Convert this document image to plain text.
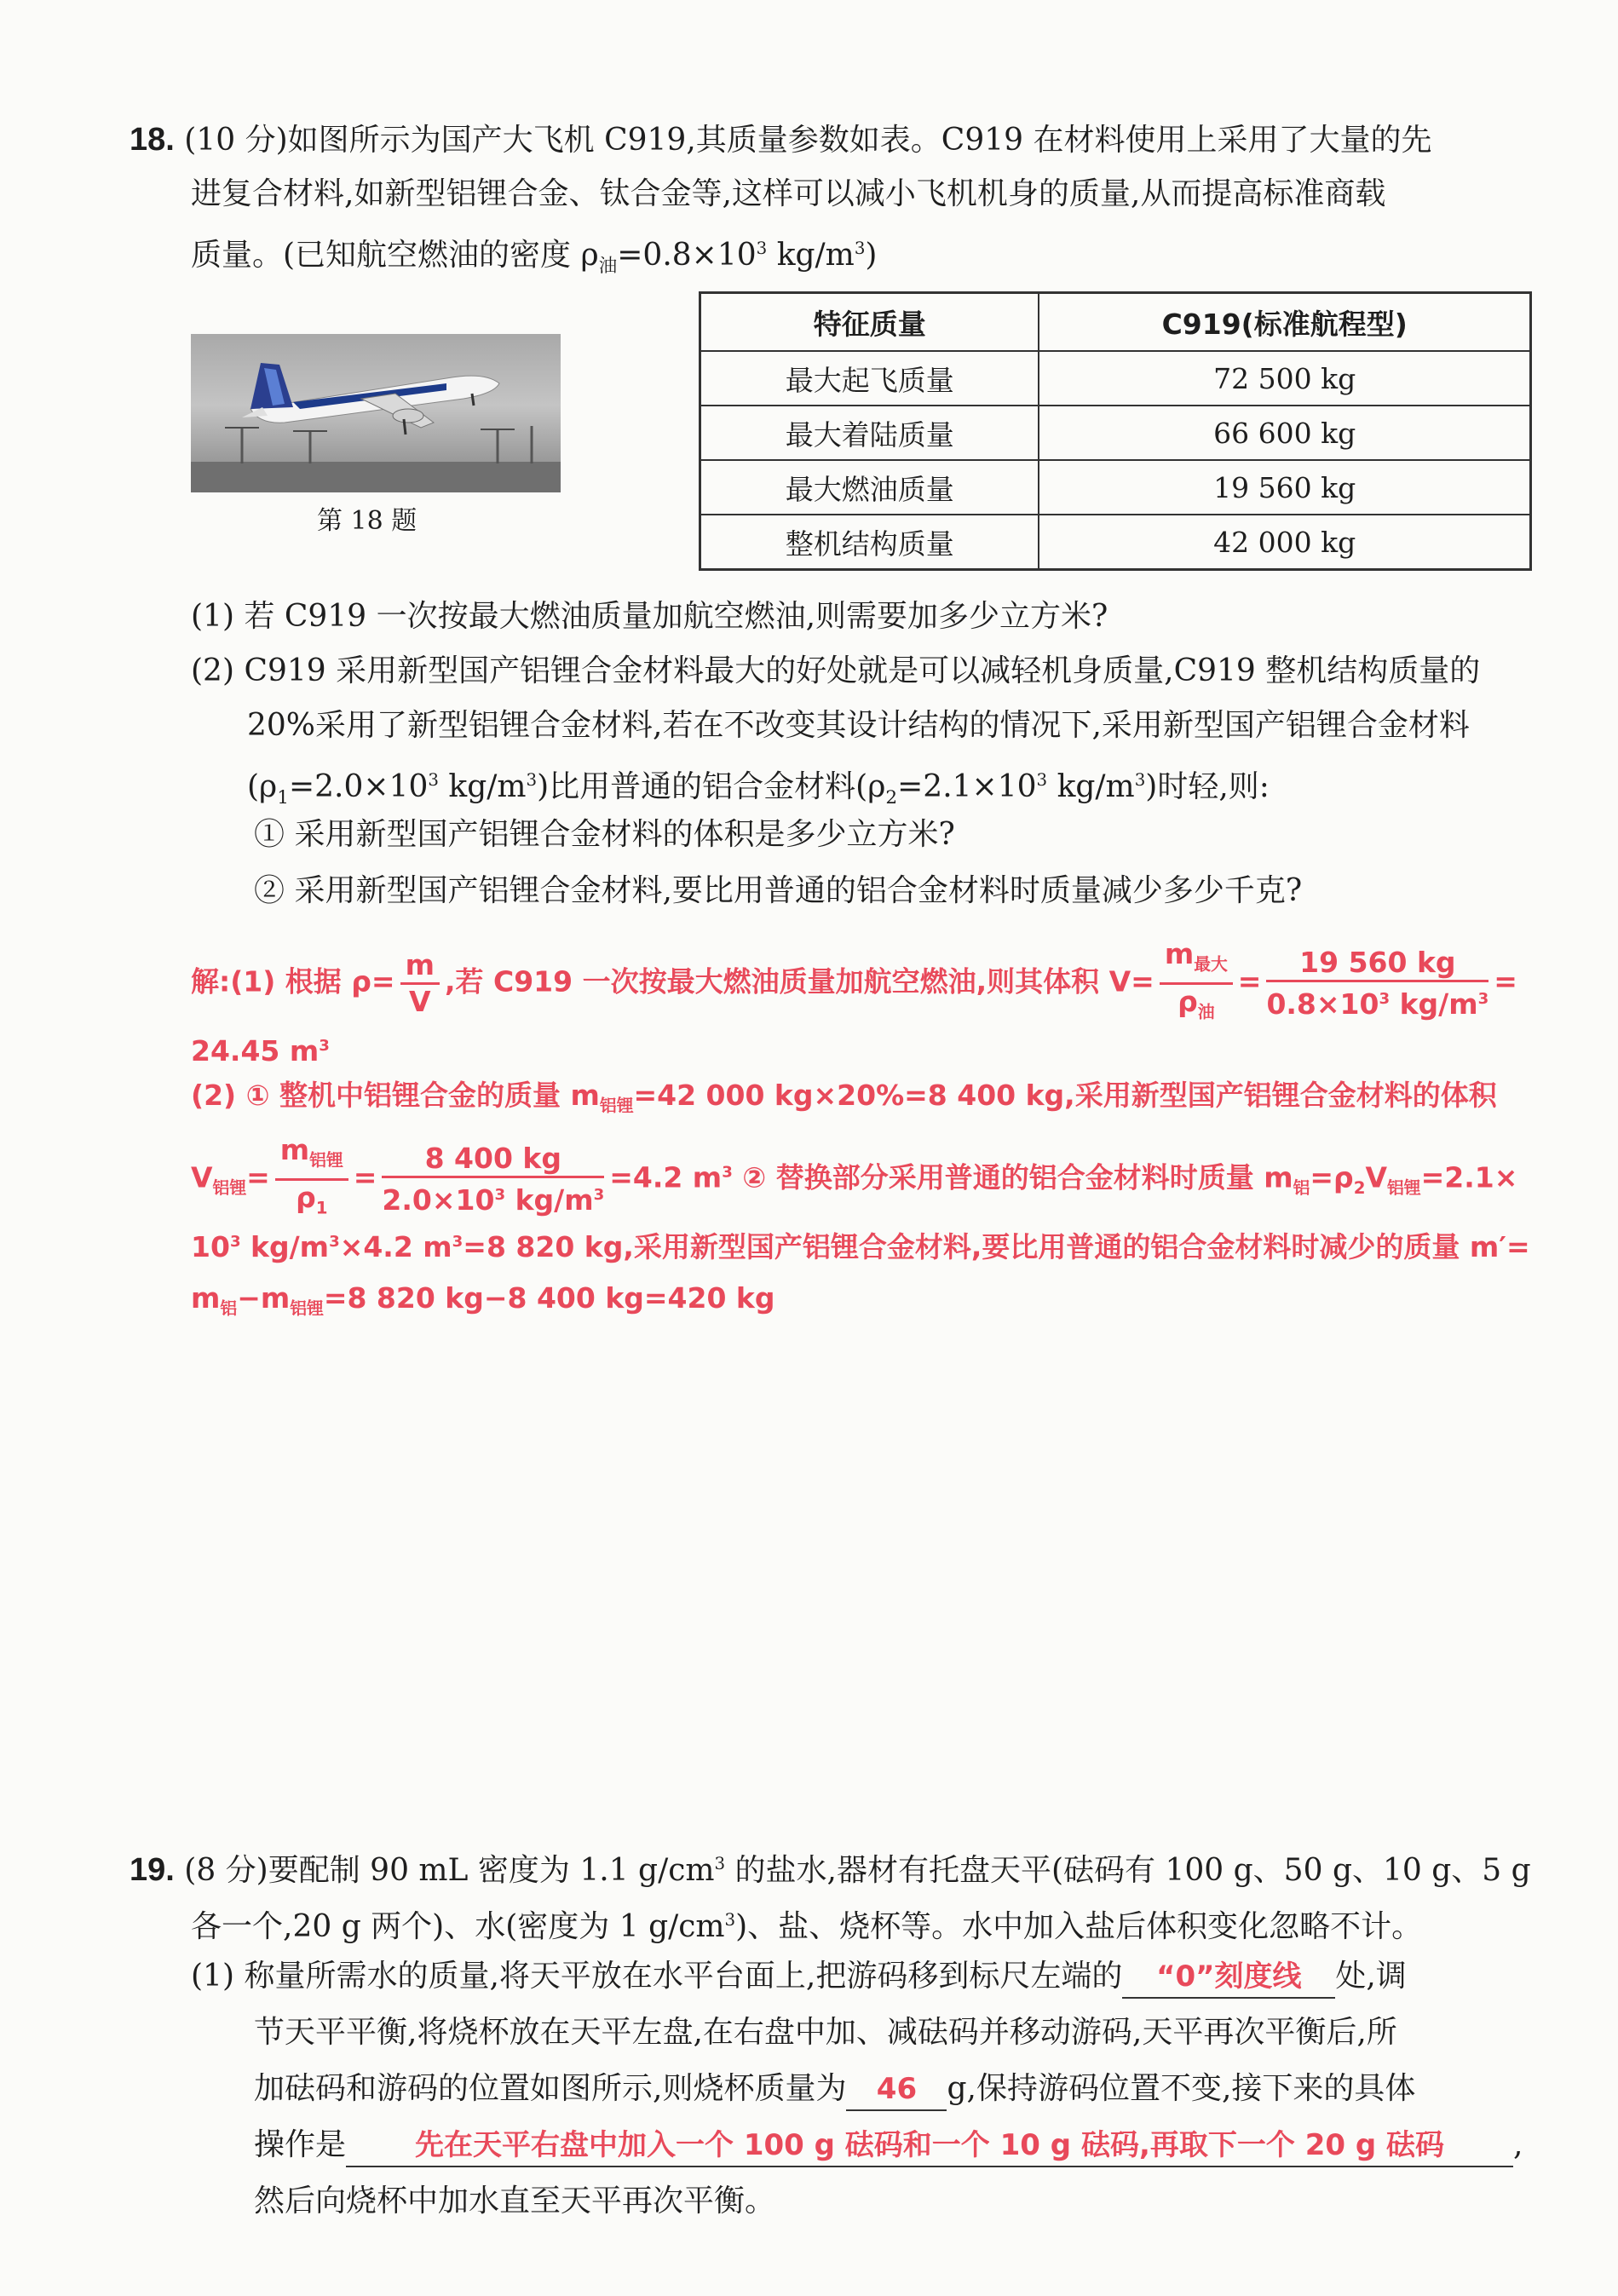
18. (10 分)如图所示为国产大飞机 C919,其质量参数如表。C919 在材料使用上采用了大量的先
进复合材料,如新型铝锂合金、钛合金等,这样可以减小飞机机身的质量,从而提高标准商载
质量。(已知航空燃油的密度 $\rho_油=0.8\times 10^3$ $kg/m^3$)
第 18 题
特征质量	C919(标准航程型)
最大起飞质量	72 500 kg
最大着陆质量	66 600 kg
最大燃油质量	19 560 kg
整机结构质量	42 000 kg
(1) 若 C919 一次按最大燃油质量加航空燃油,则需要加多少立方米?
(2) C919 采用新型国产铝锂合金材料最大的好处就是可以减轻机身质量,C919 整机结构质量的
20%采用了新型铝锂合金材料,若在不改变其设计结构的情况下,采用新型国产铝锂合金材料
($\rho_1=2.0\times 10^3$ $kg/m^3$)比用普通的铝合金材料($\rho_2=2.1\times 10^3$ $kg/m^3$)时轻,则:
① 采用新型国产铝锂合金材料的体积是多少立方米?
② 采用新型国产铝锂合金材料,要比用普通的铝合金材料时质量减少多少千克?
解:(1) 根据 $\rho= \frac{m}{V}$ ,若 C919 一次按最大燃油质量加航空燃油,则其体积 $V= \frac{m_{最大}}{\rho_油} = \frac{19 560 kg}{0.8\times 10^3 kg/m^3}$ =
24.45 $m^3$
(2) ① 整机中铝锂合金的质量 $m_{铝锂}=42$ 000 kg×20%=8 400 kg,采用新型国产铝锂合金材料的体积
$V_{铝锂}= \frac{m_{铝锂}}{\rho_1} = \frac{8 400 kg}{2.0\times 10^3 kg/m^3} =4.2$ $m^3$ ② 替换部分采用普通的铝合金材料时质量 $m_铝=\rho_2V_{铝锂}=2.1\times$
$10^3$ $kg/m^3\times 4.2$ $m^3=8$ 820 kg,采用新型国产铝锂合金材料,要比用普通的铝合金材料时减少的质量 m′=
$m_铝-m_{铝锂}=8$ 820 kg−8 400 kg=420 kg
19. (8 分)要配制 90 mL 密度为 1.1 $g/cm^3$ 的盐水,器材有托盘天平(砝码有 100 g、50 g、10 g、5 g
各一个,20 g 两个)、水(密度为 1 $g/cm^3$)、盐、烧杯等。水中加入盐后体积变化忽略不计。
(1) 称量所需水的质量,将天平放在水平台面上,把游码移到标尺左端的 “0”刻度线 处,调
节天平平衡,将烧杯放在天平左盘,在右盘中加、减砝码并移动游码,天平再次平衡后,所
加砝码和游码的位置如图所示,则烧杯质量为 46 g,保持游码位置不变,接下来的具体
操作是 先在天平右盘中加入一个 100 g 砝码和一个 10 g 砝码,再取下一个 20 g 砝码 ,
然后向烧杯中加水直至天平再次平衡。
